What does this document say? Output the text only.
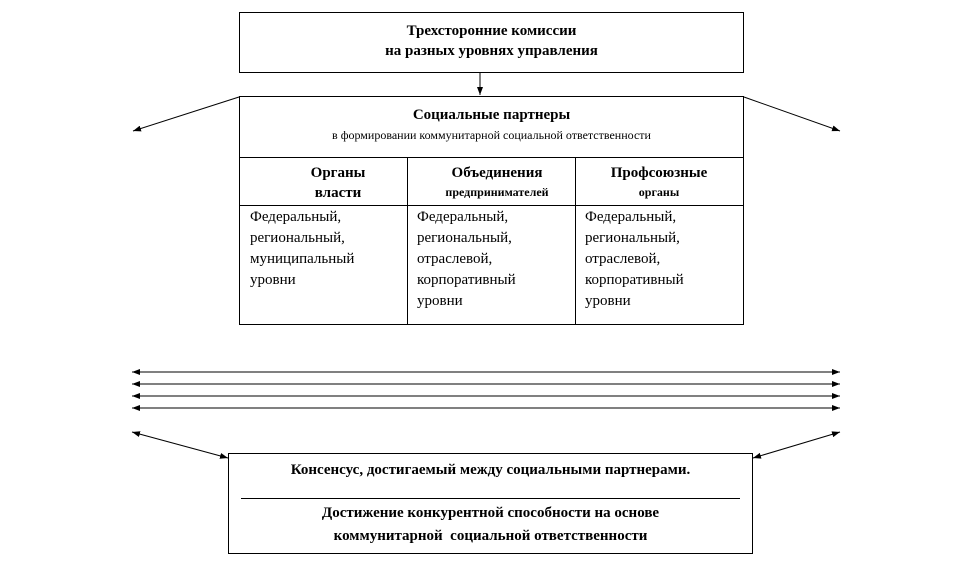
Трехсторонние комиссии
на разных уровнях управления
Социальные партнеры
в формировании коммунитарной социальной ответственности
Органы
власти
Федеральный,
региональный,
муниципальный
уровни
Объединения
предпринимателей
Федеральный,
региональный,
отраслевой,
корпоративный
уровни
Профсоюзные
органы
Федеральный,
региональный,
отраслевой,
корпоративный
уровни
Консенсус, достигаемый между социальными партнерами.
Достижение конкурентной способности на основе
коммунитарной  социальной ответственности
